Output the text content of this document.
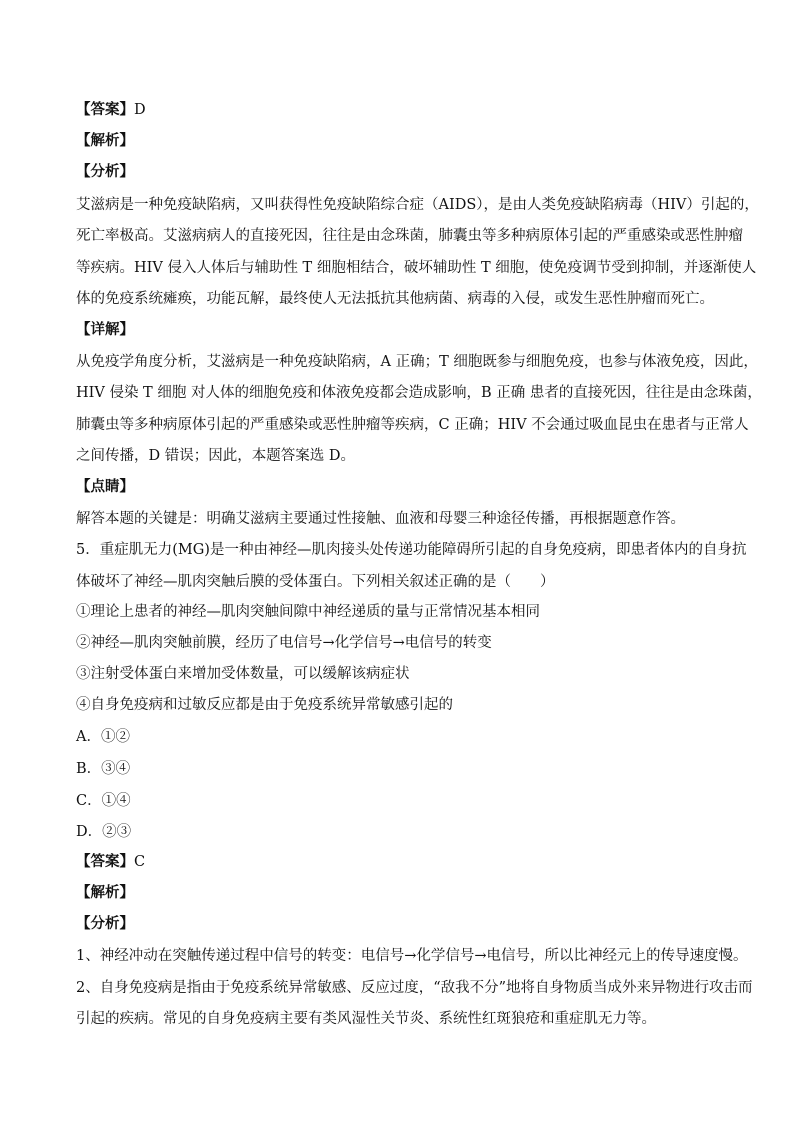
【答案】D
【解析】
【分析】
艾滋病是一种免疫缺陷病，又叫获得性免疫缺陷综合症（AIDS），是由人类免疫缺陷病毒（HIV）引起的，
死亡率极高。艾滋病病人的直接死因，往往是由念珠菌，肺囊虫等多种病原体引起的严重感染或恶性肿瘤
等疾病。HIV 侵入人体后与辅助性 T 细胞相结合，破坏辅助性 T 细胞，使免疫调节受到抑制，并逐渐使人
体的免疫系统瘫痪，功能瓦解，最终使人无法抵抗其他病菌、病毒的入侵，或发生恶性肿瘤而死亡。
【详解】
从免疫学角度分析，艾滋病是一种免疫缺陷病，A 正确；T 细胞既参与细胞免疫，也参与体液免疫，因此，
HIV 侵染 T 细胞 对人体的细胞免疫和体液免疫都会造成影响，B 正确 患者的直接死因，往往是由念珠菌，
肺囊虫等多种病原体引起的严重感染或恶性肿瘤等疾病，C 正确；HIV 不会通过吸血昆虫在患者与正常人
之间传播，D 错误；因此，本题答案选 D。
【点睛】
解答本题的关键是：明确艾滋病主要通过性接触、血液和母婴三种途径传播，再根据题意作答。
5．重症肌无力(MG)是一种由神经—肌肉接头处传递功能障碍所引起的自身免疫病，即患者体内的自身抗
体破坏了神经—肌肉突触后膜的受体蛋白。下列相关叙述正确的是（　　）
①理论上患者的神经—肌肉突触间隙中神经递质的量与正常情况基本相同
②神经—肌肉突触前膜，经历了电信号→化学信号→电信号的转变
③注射受体蛋白来增加受体数量，可以缓解该病症状
④自身免疫病和过敏反应都是由于免疫系统异常敏感引起的
A．①②
B．③④
C．①④
D．②③
【答案】C
【解析】
【分析】
1、神经冲动在突触传递过程中信号的转变：电信号→化学信号→电信号，所以比神经元上的传导速度慢。
2、自身免疫病是指由于免疫系统异常敏感、反应过度，“敌我不分”地将自身物质当成外来异物进行攻击而
引起的疾病。常见的自身免疫病主要有类风湿性关节炎、系统性红斑狼疮和重症肌无力等。
